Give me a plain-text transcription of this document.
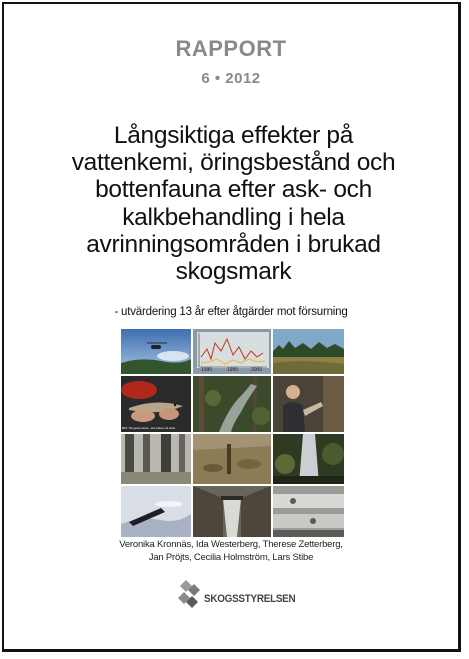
RAPPORT
6 • 2012
Långsiktiga effekter på
vattenkemi, öringsbestånd och
bottenfauna efter ask- och
kalkbehandling i hela
avrinningsområden i brukad
skogsmark
- utvärdering 13 år efter åtgärder mot försurning
1990	1995	2000
Bild: Skogsstyrelsen, ska fiskas på plats
Veronika Kronnäs, Ida Westerberg, Therese Zetterberg,
Jan Pröjts, Cecilia Holmström, Lars Stibe
SKOGSSTYRELSEN
